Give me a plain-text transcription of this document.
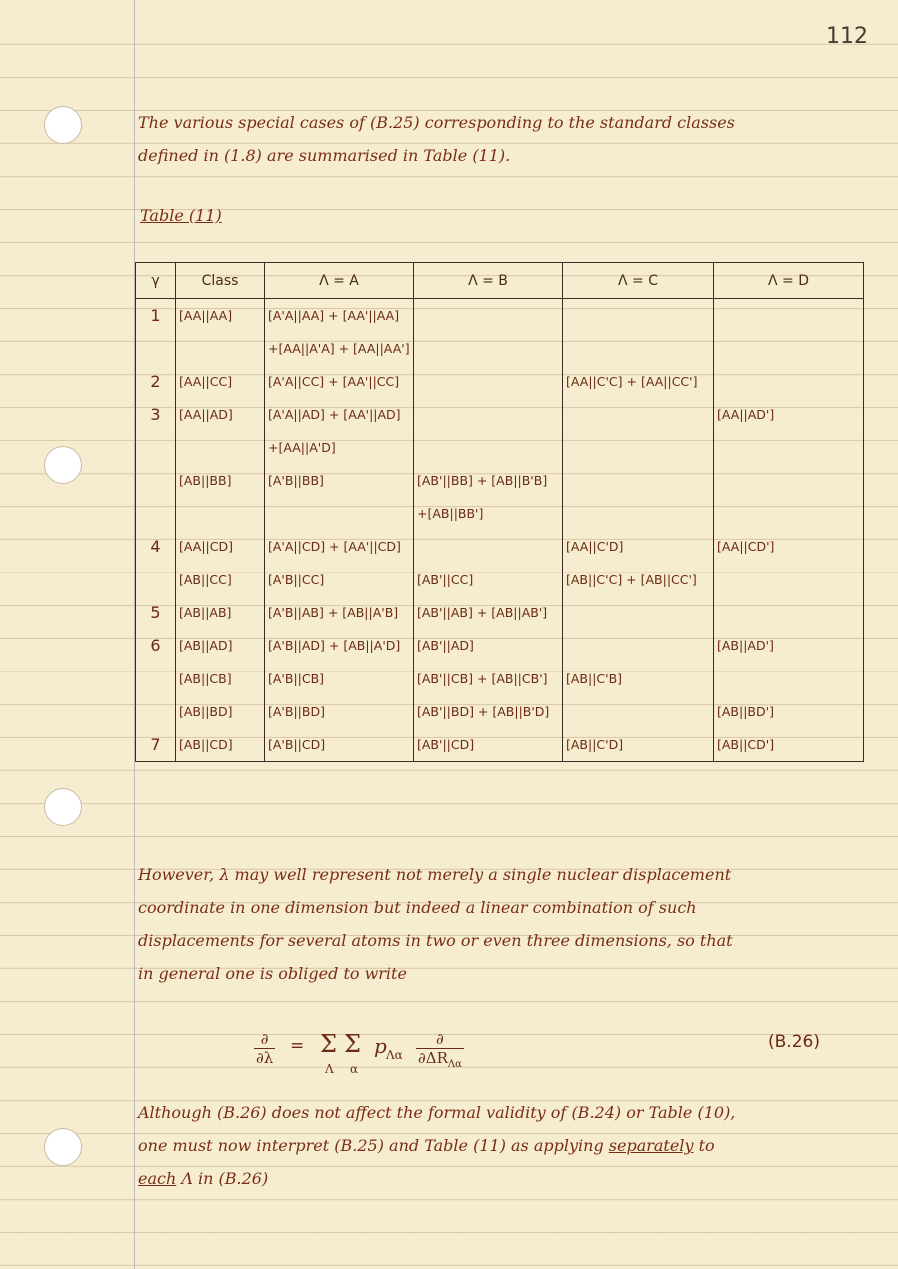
112

The various special cases of (B.25) corresponding to the standard classes

defined in (1.8) are summarised in Table (11).

Table (11)
γ	Class	Λ = A	Λ = B	Λ = C	Λ = D
1	[AA||AA]	[A'A||AA] + [AA'||AA]			
		+[AA||A'A] + [AA||AA']			
2	[AA||CC]	[A'A||CC] + [AA'||CC]		[AA||C'C] + [AA||CC']	
3	[AA||AD]	[A'A||AD] + [AA'||AD]			[AA||AD']
		+[AA||A'D]			
	[AB||BB]	[A'B||BB]	[AB'||BB] + [AB||B'B]		
			+[AB||BB']		
4	[AA||CD]	[A'A||CD] + [AA'||CD]		[AA||C'D]	[AA||CD']
	[AB||CC]	[A'B||CC]	[AB'||CC]	[AB||C'C] + [AB||CC']	
5	[AB||AB]	[A'B||AB] + [AB||A'B]	[AB'||AB] + [AB||AB']		
6	[AB||AD]	[A'B||AD] + [AB||A'D]	[AB'||AD]		[AB||AD']
	[AB||CB]	[A'B||CB]	[AB'||CB] + [AB||CB']	[AB||C'B]	
	[AB||BD]	[A'B||BD]	[AB'||BD] + [AB||B'D]		[AB||BD']
7	[AB||CD]	[A'B||CD]	[AB'||CD]	[AB||C'D]	[AB||CD']

However, λ may well represent not merely a single nuclear displacement

coordinate in one dimension but indeed a linear combination of such

displacements for several atoms in two or even three dimensions, so that

in general one is obliged to write

∂
∂λ
= Σ
Λ
Σ
α
p Λα
∂
$\partial\Delta R_{\Lambda\alpha}$
(B.26)

Although (B.26) does not affect the formal validity of (B.24) or Table (10),

one must now interpret (B.25) and Table (11) as applying separately to

each Λ in (B.26)
